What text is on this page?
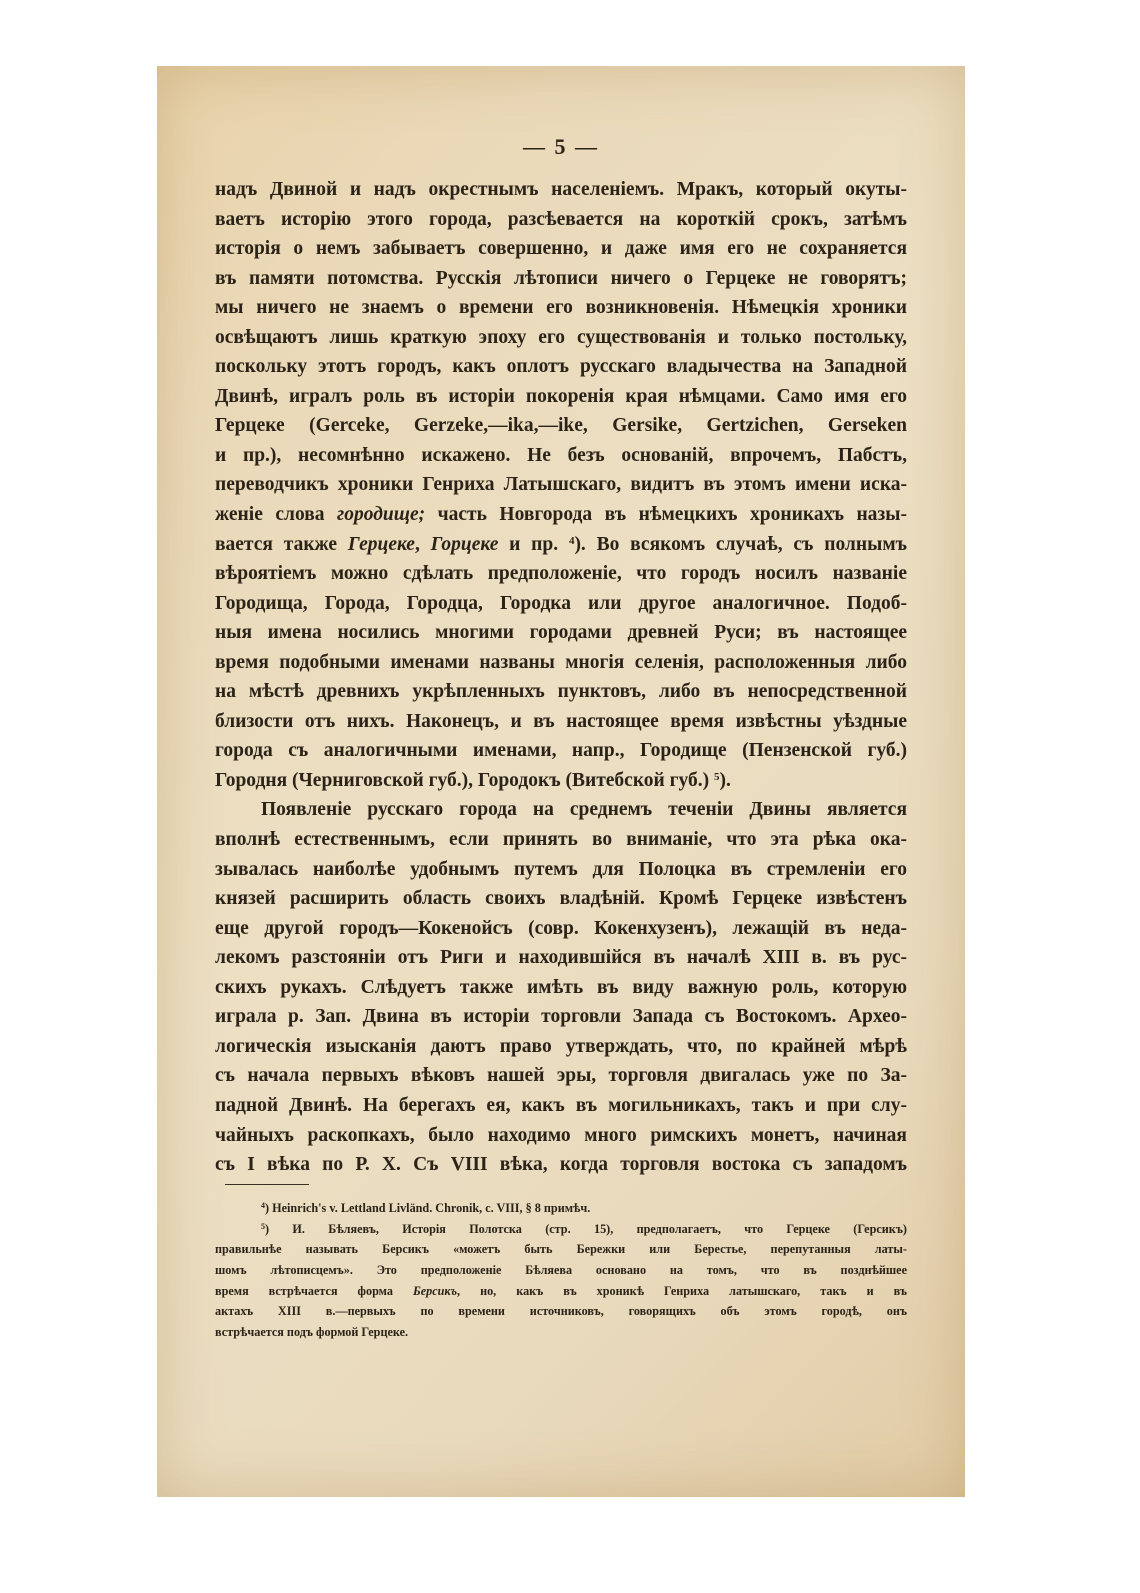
— 5 —
надъ Двиной и надъ окрестнымъ населеніемъ. Мракъ, который окуты-
ваетъ исторію этого города, разсѣевается на короткій срокъ, затѣмъ
исторія о немъ забываетъ совершенно, и даже имя его не сохраняется
въ памяти потомства. Русскія лѣтописи ничего о Герцеке не говорятъ;
мы ничего не знаемъ о времени его возникновенія. Нѣмецкія хроники
освѣщаютъ лишь краткую эпоху его существованія и только постольку,
поскольку этотъ городъ, какъ оплотъ русскаго владычества на Западной
Двинѣ, игралъ роль въ исторіи покоренія края нѣмцами. Само имя его
Герцеке (Gerceke, Gerzeke,—ika,—ike, Gersike, Gertzichen, Gerseken
и пр.), несомнѣнно искажено. Не безъ основаній, впрочемъ, Пабстъ,
переводчикъ хроники Генриха Латышскаго, видитъ въ этомъ имени иска-
женіе слова городище; часть Новгорода въ нѣмецкихъ хроникахъ назы-
вается также Герцеке, Горцеке и пр. $^4$). Во всякомъ случаѣ, съ полнымъ
вѣроятіемъ можно сдѣлать предположеніе, что городъ носилъ названіе
Городища, Города, Городца, Городка или другое аналогичное. Подоб-
ныя имена носились многими городами древней Руси; въ настоящее
время подобными именами названы многія селенія, расположенныя либо
на мѣстѣ древнихъ укрѣпленныхъ пунктовъ, либо въ непосредственной
близости отъ нихъ. Наконецъ, и въ настоящее время извѣстны уѣздные
города съ аналогичными именами, напр., Городище (Пензенской губ.)
Городня (Черниговской губ.), Городокъ (Витебской губ.) $^5$).
Появленіе русскаго города на среднемъ теченіи Двины является
вполнѣ естественнымъ, если принять во вниманіе, что эта рѣка ока-
зывалась наиболѣе удобнымъ путемъ для Полоцка въ стремленіи его
князей расширить область своихъ владѣній. Кромѣ Герцеке извѣстенъ
еще другой городъ—Кокенойсъ (совр. Кокенхузенъ), лежащій въ неда-
лекомъ разстояніи отъ Риги и находившійся въ началѣ XIII в. въ рус-
скихъ рукахъ. Слѣдуетъ также имѣть въ виду важную роль, которую
играла р. Зап. Двина въ исторіи торговли Запада съ Востокомъ. Архео-
логическія изысканія даютъ право утверждать, что, по крайней мѣрѣ
съ начала первыхъ вѣковъ нашей эры, торговля двигалась уже по За-
падной Двинѣ. На берегахъ ея, какъ въ могильникахъ, такъ и при слу-
чайныхъ раскопкахъ, было находимо много римскихъ монетъ, начиная
съ I вѣка по Р. Х. Съ VIII вѣка, когда торговля востока съ западомъ
$^4$) Heinrich's v. Lettland Livländ. Chronik, c. VIII, § 8 примѣч.
$^5$) И. Бѣляевъ, Исторія Полотска (стр. 15), предполагаетъ, что Герцеке (Герсикъ)
правильнѣе называть Берсикъ «можетъ быть Бережки или Берестье, перепутанныя латы-
шомъ лѣтописцемъ». Это предположеніе Бѣляева основано на томъ, что въ позднѣйшее
время встрѣчается форма Берсикъ, но, какъ въ хроникѣ Генриха латышскаго, такъ и въ
актахъ XIII в.—первыхъ по времени источниковъ, говорящихъ объ этомъ городѣ, онъ
встрѣчается подъ формой Герцеке.
